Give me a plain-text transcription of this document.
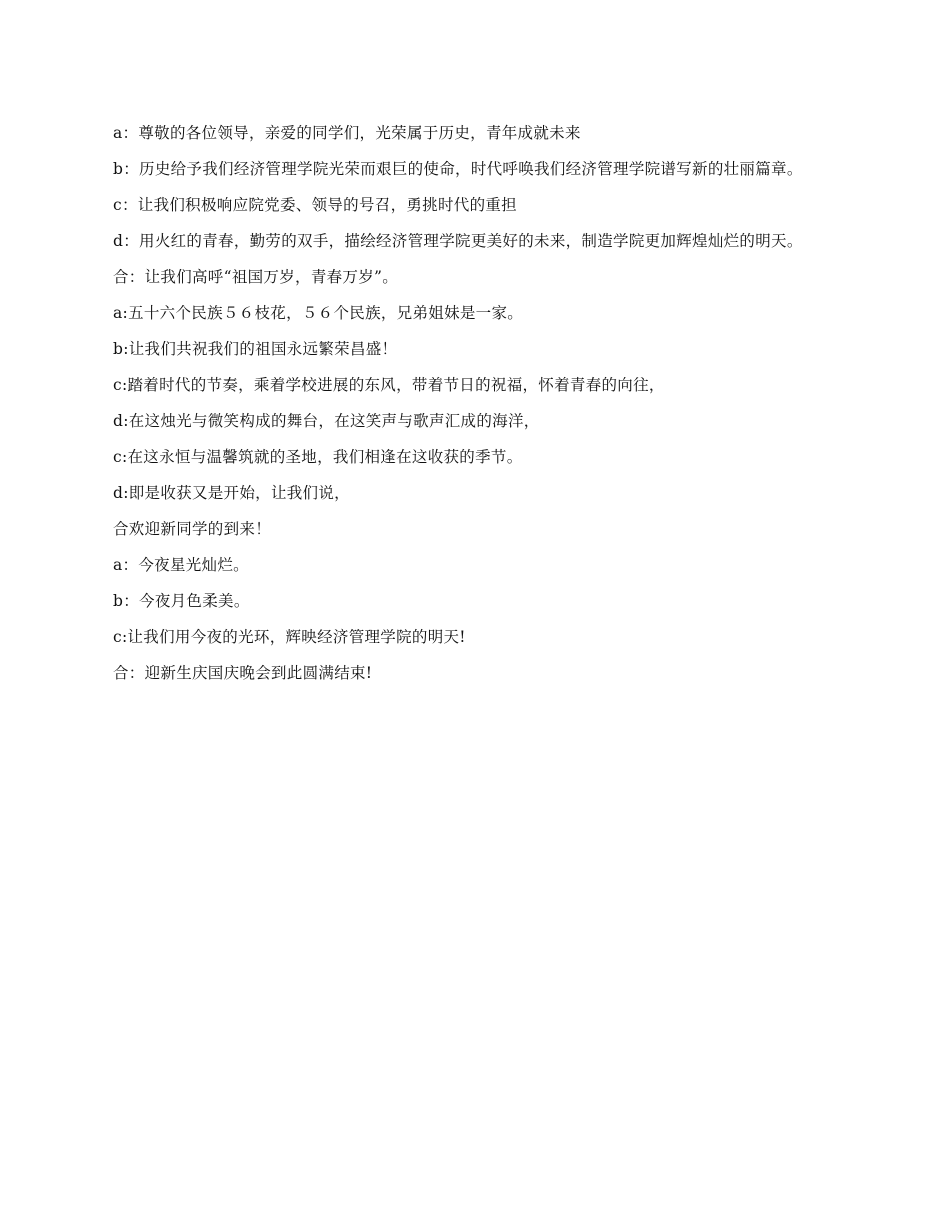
a：尊敬的各位领导，亲爱的同学们，光荣属于历史，青年成就未来

b：历史给予我们经济管理学院光荣而艰巨的使命，时代呼唤我们经济管理学院谱写新的壮丽篇章。

c：让我们积极响应院党委、领导的号召，勇挑时代的重担

d：用火红的青春，勤劳的双手，描绘经济管理学院更美好的未来，制造学院更加辉煌灿烂的明天。

合：让我们高呼“祖国万岁，青春万岁”。

a:五十六个民族５６枝花，５６个民族，兄弟姐妹是一家。

b:让我们共祝我们的祖国永远繁荣昌盛！

c:踏着时代的节奏，乘着学校进展的东风，带着节日的祝福，怀着青春的向往，

d:在这烛光与微笑构成的舞台，在这笑声与歌声汇成的海洋，

c:在这永恒与温馨筑就的圣地，我们相逢在这收获的季节。

d:即是收获又是开始，让我们说，

合欢迎新同学的到来！

a：今夜星光灿烂。

b：今夜月色柔美。

c:让我们用今夜的光环，辉映经济管理学院的明天!

合：迎新生庆国庆晚会到此圆满结束!
